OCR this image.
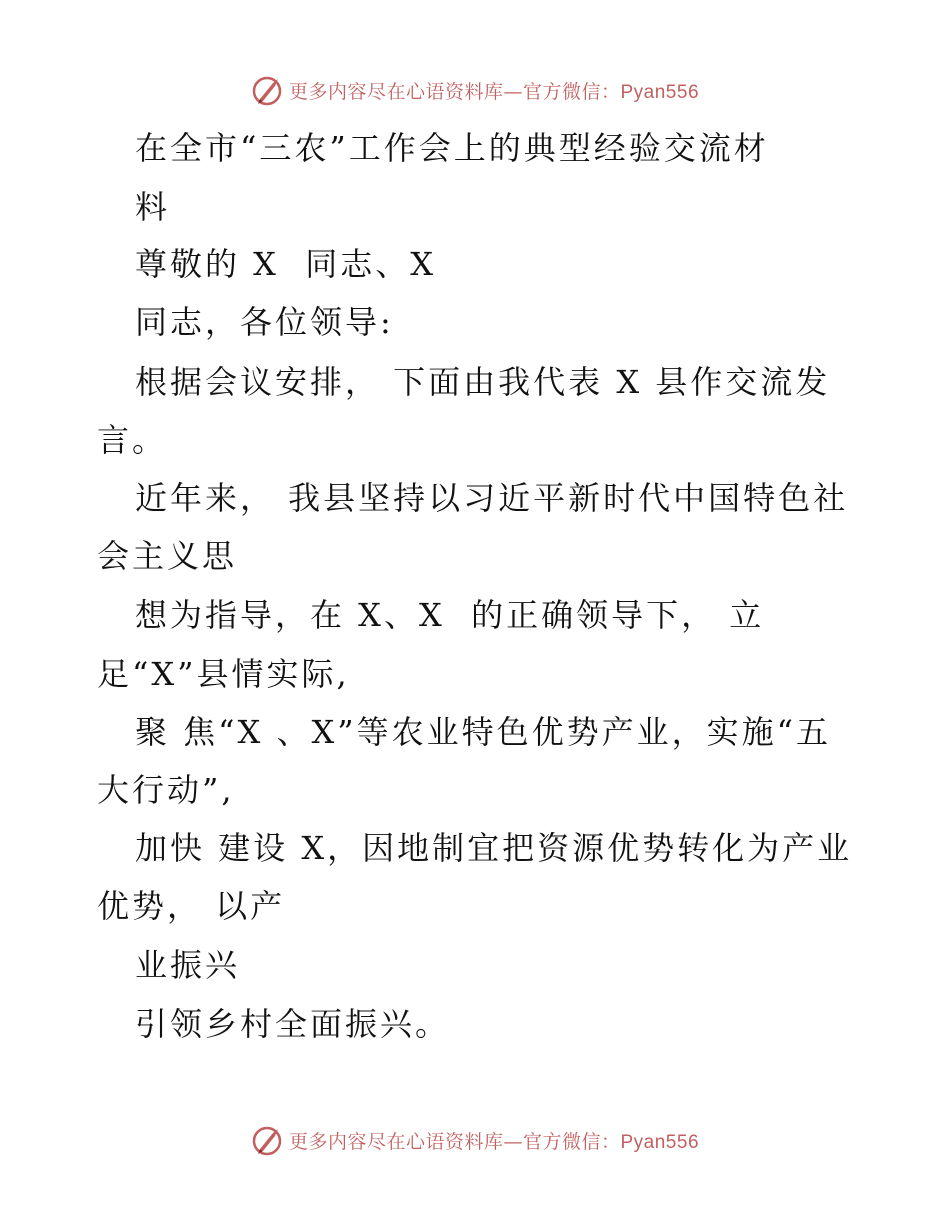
更多内容尽在心语资料库—官方微信：Pyan556
在全市“三农”工作会上的典型经验交流材
料
尊敬的 X  同志、X
同志，各位领导:
根据会议安排， 下面由我代表 X 县作交流发
言。
近年来， 我县坚持以习近平新时代中国特色社
会主义思
想为指导，在 X、X  的正确领导下， 立
足“X”县情实际,
聚 焦“X 、X”等农业特色优势产业，实施“五
大行动”,
加快 建设 X，因地制宜把资源优势转化为产业
优势， 以产
业振兴
引领乡村全面振兴。
更多内容尽在心语资料库—官方微信：Pyan556
